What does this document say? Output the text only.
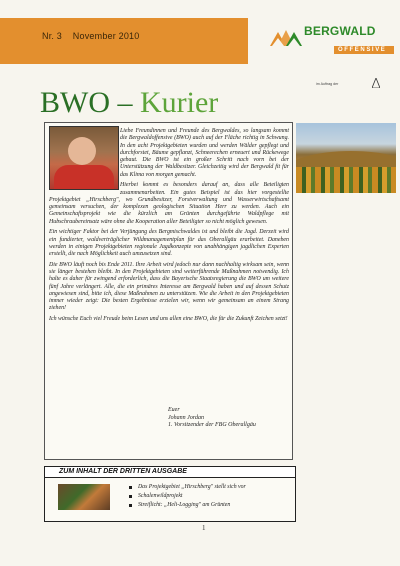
Nr. 3    November 2010	BERGWALD
OFFENSIVE
im Auftrag der
BWO – Kurier

Liebe Freundinnen und Freunde des Bergwaldes, so langsam kommt die Bergwaldoffensive (BWO) auch auf der Fläche richtig in Schwung. In den acht Projektgebieten wurden und werden Wälder gepflegt und durchforstet, Bäume gepflanzt, Schneerechen erneuert und Rückewege gebaut. Die BWO ist ein großer Schritt nach vorn bei der Unterstützung der Waldbesitzer. Gleichzeitig wird der Bergwald fit für das Klima von morgen gemacht.

Hierbei kommt es besonders darauf an, dass alle Beteiligten zusammenarbeiten. Ein gutes Beispiel ist das hier vorgestellte Projektgebiet „Hirschberg", wo Grundbesitzer, Forstverwaltung und Wasserwirtschaftsamt gemeinsam versuchen, der komplexen geologischen Situation Herr zu werden. Auch ein Gemeinschaftsprojekt wie die kürzlich am Grünten durchgeführte Waldpflege mit Hubschraubereinsatz wäre ohne die Kooperation aller Beteiligter so nicht möglich gewesen.

Ein wichtiger Faktor bei der Verjüngung des Bergmischwaldes ist und bleibt die Jagd. Derzeit wird ein fundierter, waldverträglicher Wildmanagementplan für das Oberallgäu erarbeitet. Daneben werden in einigen Projektgebieten regionale Jagdkonzepte von unabhängigen jagdlichen Experten erstellt, die nach Möglichkeit auch umzusetzen sind.

Die BWO läuft noch bis Ende 2011. Ihre Arbeit wird jedoch nur dann nachhaltig wirksam sein, wenn sie länger bestehen bleibt. In den Projektgebieten sind weiterführende Maßnahmen notwendig. Ich halte es daher für zwingend erforderlich, dass die Bayerische Staatsregierung die BWO um weitere fünf Jahre verlängert. Alle, die ein primäres Interesse am Bergwald haben und auf dessen Schutz angewiesen sind, bitte ich, diese Maßnahmen zu unterstützen. Wie die Arbeit in den Projektgebieten immer wieder zeigt: Die besten Ergebnisse erzielen wir, wenn wir gemeinsam an einem Strang ziehen!

Ich wünsche Euch viel Freude beim Lesen und uns allen eine BWO, die für die Zukunft Zeichen setzt!

Euer
Johann Jordan
1. Vorsitzender der FBG Oberallgäu
ZUM INHALT DER DRITTEN AUSGABE
Das Projektgebiet „Hirschberg" stellt sich vor
Schalenwildprojekt
Streiflicht: „Heli-Logging" am Grünten
1
